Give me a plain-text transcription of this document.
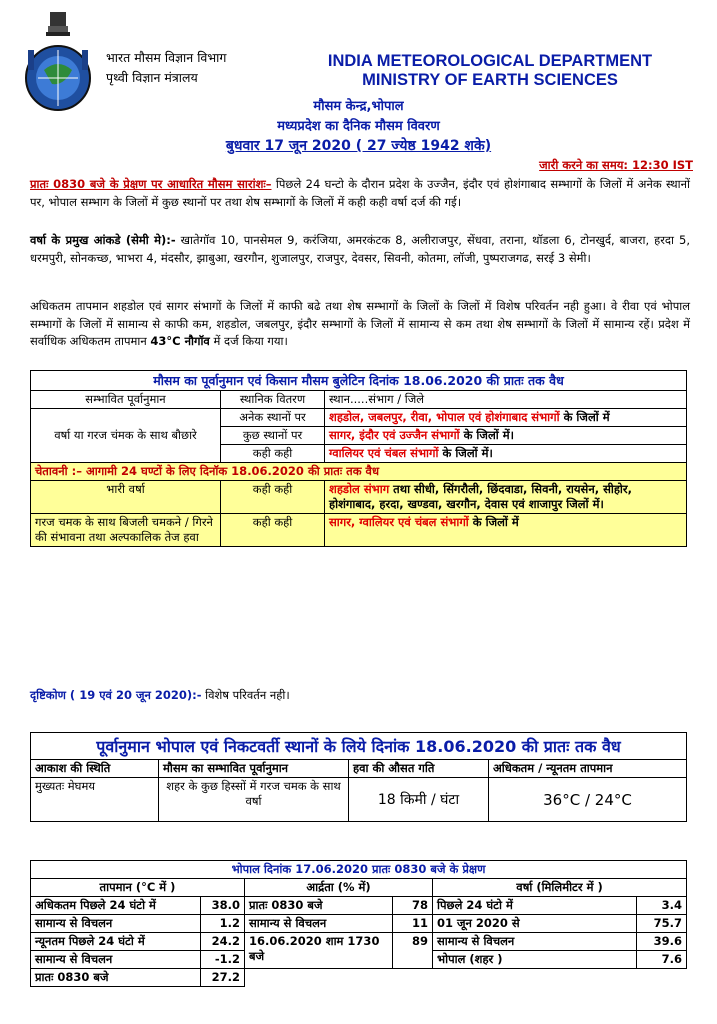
भारत मौसम विज्ञान विभाग
पृथ्वी विज्ञान मंत्रालय
INDIA METEOROLOGICAL DEPARTMENT
MINISTRY OF EARTH SCIENCES
मौसम केन्द्र,भोपाल
मध्यप्रदेश का दैनिक मौसम विवरण
बुधवार 17 जून 2020 ( 27 ज्येष्ठ 1942 शके)
जारी करने का समय: 12:30 IST
प्रातः 0830 बजे के प्रेक्षण पर आधारित मौसम सारांशः– पिछले 24 घन्टो के दौरान प्रदेश के उज्जैन, इंदौर एवं होशंगाबाद सम्भागों के जिलों में अनेक स्थानों पर, भोपाल सम्भाग के जिलों में कुछ स्थानों पर तथा शेष सम्भागों के जिलों में कही कही वर्षा दर्ज की गई।
वर्षा के प्रमुख आंकडे (सेमी मे):- खातेगॉव 10, पानसेमल 9, करंजिया, अमरकंटक 8, अलीराजपुर, सेंधवा, तराना, थॉडला 6, टोनखुर्द, बाजरा, हरदा 5, धरमपुरी, सोनकच्छ, भाभरा 4, मंदसौर, झाबुआ, खरगौन, शुजालपुर, राजपुर, देवसर, सिवनी, कोतमा, लॉजी, पुष्पराजगढ, सरई 3 सेमी।
अधिकतम तापमान शहडोल एवं सागर संभागों के जिलों में काफी बढे तथा शेष सम्भागों के जिलों के जिलों में विशेष परिवर्तन नही हुआ। वे रीवा एवं भोपाल सम्भागों के जिलों में सामान्य से काफी कम, शहडोल, जबलपुर, इंदौर सम्भागों के जिलों में सामान्य से कम तथा शेष सम्भागों के जिलों में सामान्य रहें। प्रदेश में सर्वाधिक अधिकतम तापमान 43°C नौगॉव में दर्ज किया गया।
मौसम का पूर्वानुमान एवं किसान मौसम बुलेटिन दिनांक 18.06.2020 की प्रातः तक वैध		
सम्भावित पूर्वानुमान	स्थानिक वितरण	स्थान.....संभाग / जिले
वर्षा या गरज चंमक के साथ बौछारे	अनेक स्थानों पर	शहडोल, जबलपुर, रीवा, भोपाल एवं होशंगाबाद संभागों के जिलों में
	कुछ स्थानों पर	सागर, इंदौर एवं उज्जैन संभागों के जिलों में।
	कही कही	ग्वालियर एवं चंबल संभागों के जिलों में।
चेतावनी :– आगामी 24 घण्टों के लिए दिनॉक 18.06.2020 की प्रातः तक वैध		
भारी वर्षा	कही कही	शहडोल संभाग तथा सीधी, सिंगरौली, छिंदवाडा, सिवनी, रायसेन, सीहोर, होशंगाबाद, हरदा, खण्डवा, खरगौन, देवास एवं शाजापुर जिलों में।
गरज चमक के साथ बिजली चमकने / गिरने की संभावना तथा अल्पकालिक तेज हवा	कही कही	सागर, ग्वालियर एवं चंबल संभागों के जिलों में
दृष्टिकोण ( 19 एवं 20 जून 2020):- विशेष परिवर्तन नही।
पूर्वानुमान भोपाल एवं निकटवर्ती स्थानों के लिये दिनांक 18.06.2020 की प्रातः तक वैध			
आकाश की स्थिति	मौसम का सम्भावित पूर्वानुमान	हवा की औसत गति	अधिकतम / न्यूनतम तापमान
मुख्यतः मेघमय	शहर के कुछ हिस्सों में गरज चमक के साथ वर्षा	18 किमी / घंटा	36°C / 24°C
भोपाल दिनांक 17.06.2020 प्रातः 0830 बजे के प्रेक्षण					
तापमान (°C में )		आर्द्रता (% में)		वर्षा (मिलिमीटर में )	
अधिकतम पिछले 24 घंटो में	38.0	प्रातः 0830 बजे	78	पिछले 24 घंटो में	3.4
सामान्य से विचलन	1.2	सामान्य से विचलन	11	01 जून 2020 से	75.7
न्यूनतम पिछले 24 घंटो में	24.2	16.06.2020 शाम 1730 बजे	89	सामान्य से विचलन	39.6
सामान्य से विचलन	-1.2			भोपाल (शहर )	7.6
प्रातः 0830 बजे	27.2				
